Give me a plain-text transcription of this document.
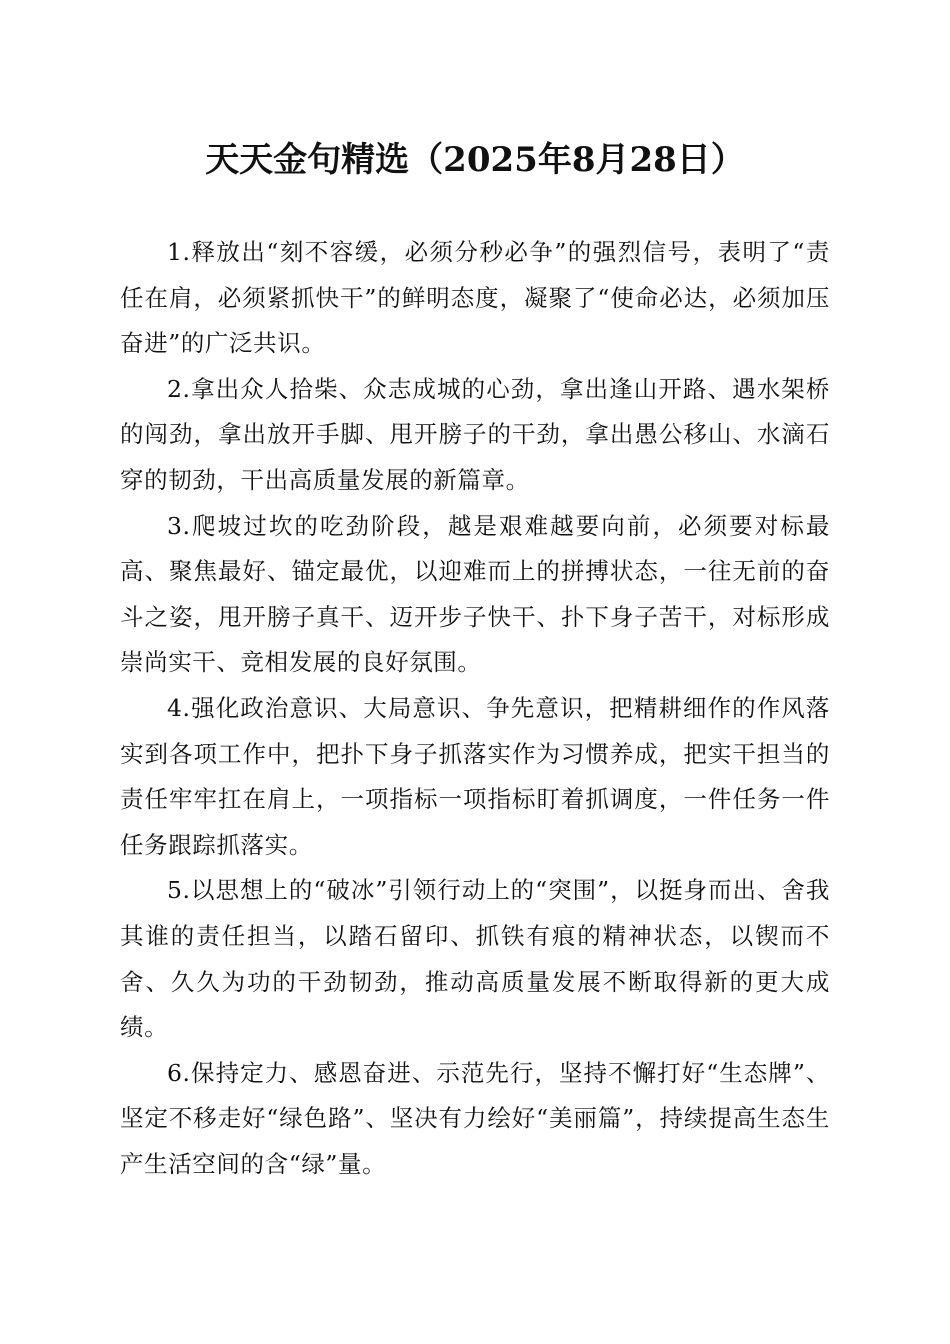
天天金句精选（2025年8月28日）

1.释放出“刻不容缓，必须分秒必争”的强烈信号，表明了“责任在肩，必须紧抓快干”的鲜明态度，凝聚了“使命必达，必须加压奋进”的广泛共识。

2.拿出众人拾柴、众志成城的心劲，拿出逢山开路、遇水架桥的闯劲，拿出放开手脚、甩开膀子的干劲，拿出愚公移山、水滴石穿的韧劲，干出高质量发展的新篇章。

3.爬坡过坎的吃劲阶段，越是艰难越要向前，必须要对标最高、聚焦最好、锚定最优，以迎难而上的拼搏状态，一往无前的奋斗之姿，甩开膀子真干、迈开步子快干、扑下身子苦干，对标形成崇尚实干、竞相发展的良好氛围。

4.强化政治意识、大局意识、争先意识，把精耕细作的作风落实到各项工作中，把扑下身子抓落实作为习惯养成，把实干担当的责任牢牢扛在肩上，一项指标一项指标盯着抓调度，一件任务一件任务跟踪抓落实。

5.以思想上的“破冰”引领行动上的“突围”，以挺身而出、舍我其谁的责任担当，以踏石留印、抓铁有痕的精神状态，以锲而不舍、久久为功的干劲韧劲，推动高质量发展不断取得新的更大成绩。

6.保持定力、感恩奋进、示范先行，坚持不懈打好“生态牌”、坚定不移走好“绿色路”、坚决有力绘好“美丽篇”，持续提高生态生产生活空间的含“绿”量。
